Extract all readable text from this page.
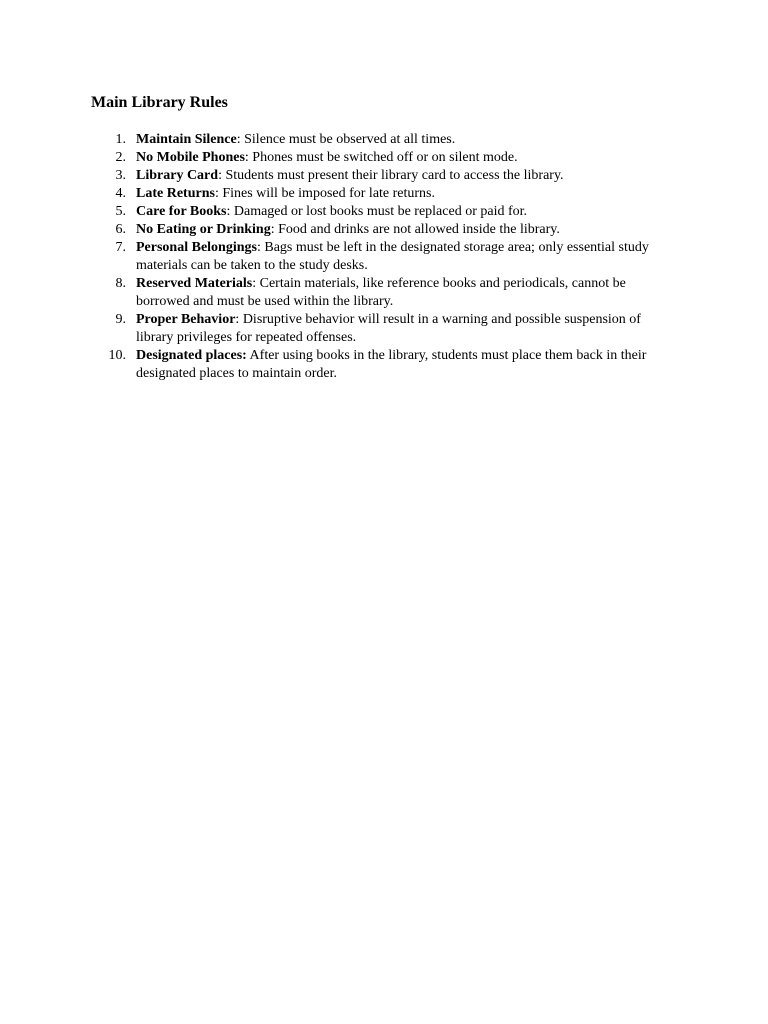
Main Library Rules
1. Maintain Silence: Silence must be observed at all times.
2. No Mobile Phones: Phones must be switched off or on silent mode.
3. Library Card: Students must present their library card to access the library.
4. Late Returns: Fines will be imposed for late returns.
5. Care for Books: Damaged or lost books must be replaced or paid for.
6. No Eating or Drinking: Food and drinks are not allowed inside the library.
7. Personal Belongings: Bags must be left in the designated storage area; only essential study materials can be taken to the study desks.
8. Reserved Materials: Certain materials, like reference books and periodicals, cannot be borrowed and must be used within the library.
9. Proper Behavior: Disruptive behavior will result in a warning and possible suspension of library privileges for repeated offenses.
10. Designated places: After using books in the library, students must place them back in their designated places to maintain order.
